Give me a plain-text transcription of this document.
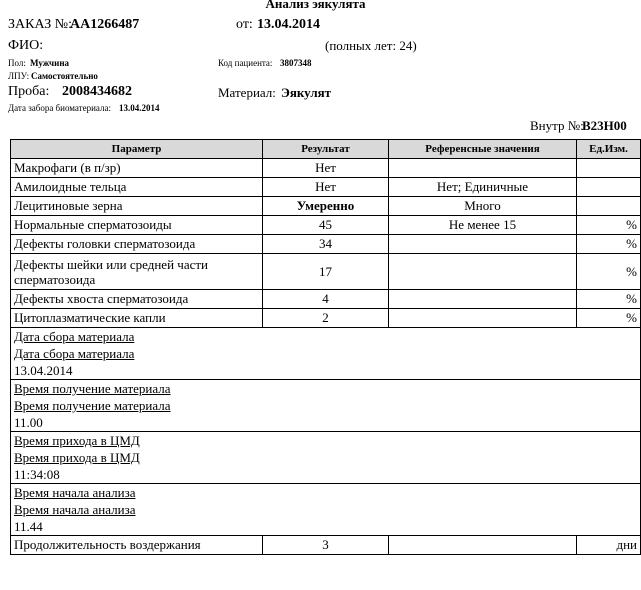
Анализ эякулята
ЗАКАЗ №:
AA1266487	от: 13.04.2014
ФИО:	(полных лет: 24)
Пол: Мужчина	Код пациента: 3807348
ЛПУ: Самостоятельно
Проба: 2008434682	Материал: Эякулят
Дата забора биоматериала: 13.04.2014
Внутр №:
B23H00
Параметр	Результат	Референсные значения	Ед.Изм.
Макрофаги (в п/зр)	Нет		
Амилоидные тельца	Нет	Нет; Единичные	
Лецитиновые зерна	Умеренно	Много	
Нормальные сперматозоиды	45	Не менее 15	%
Дефекты головки сперматозоида	34		%
Дефекты шейки или средней части сперматозоида	17		%
Дефекты хвоста сперматозоида	4		%
Цитоплазматические капли	2		%

Дата сбора материала
Дата сбора материала
13.04.2014			

Время получение материала
Время получение материала
11.00			

Время прихода в ЦМД
Время прихода в ЦМД
11:34:08			

Время начала анализа
Время начала анализа
11.44			

Продолжительность воздержания	3		дни
